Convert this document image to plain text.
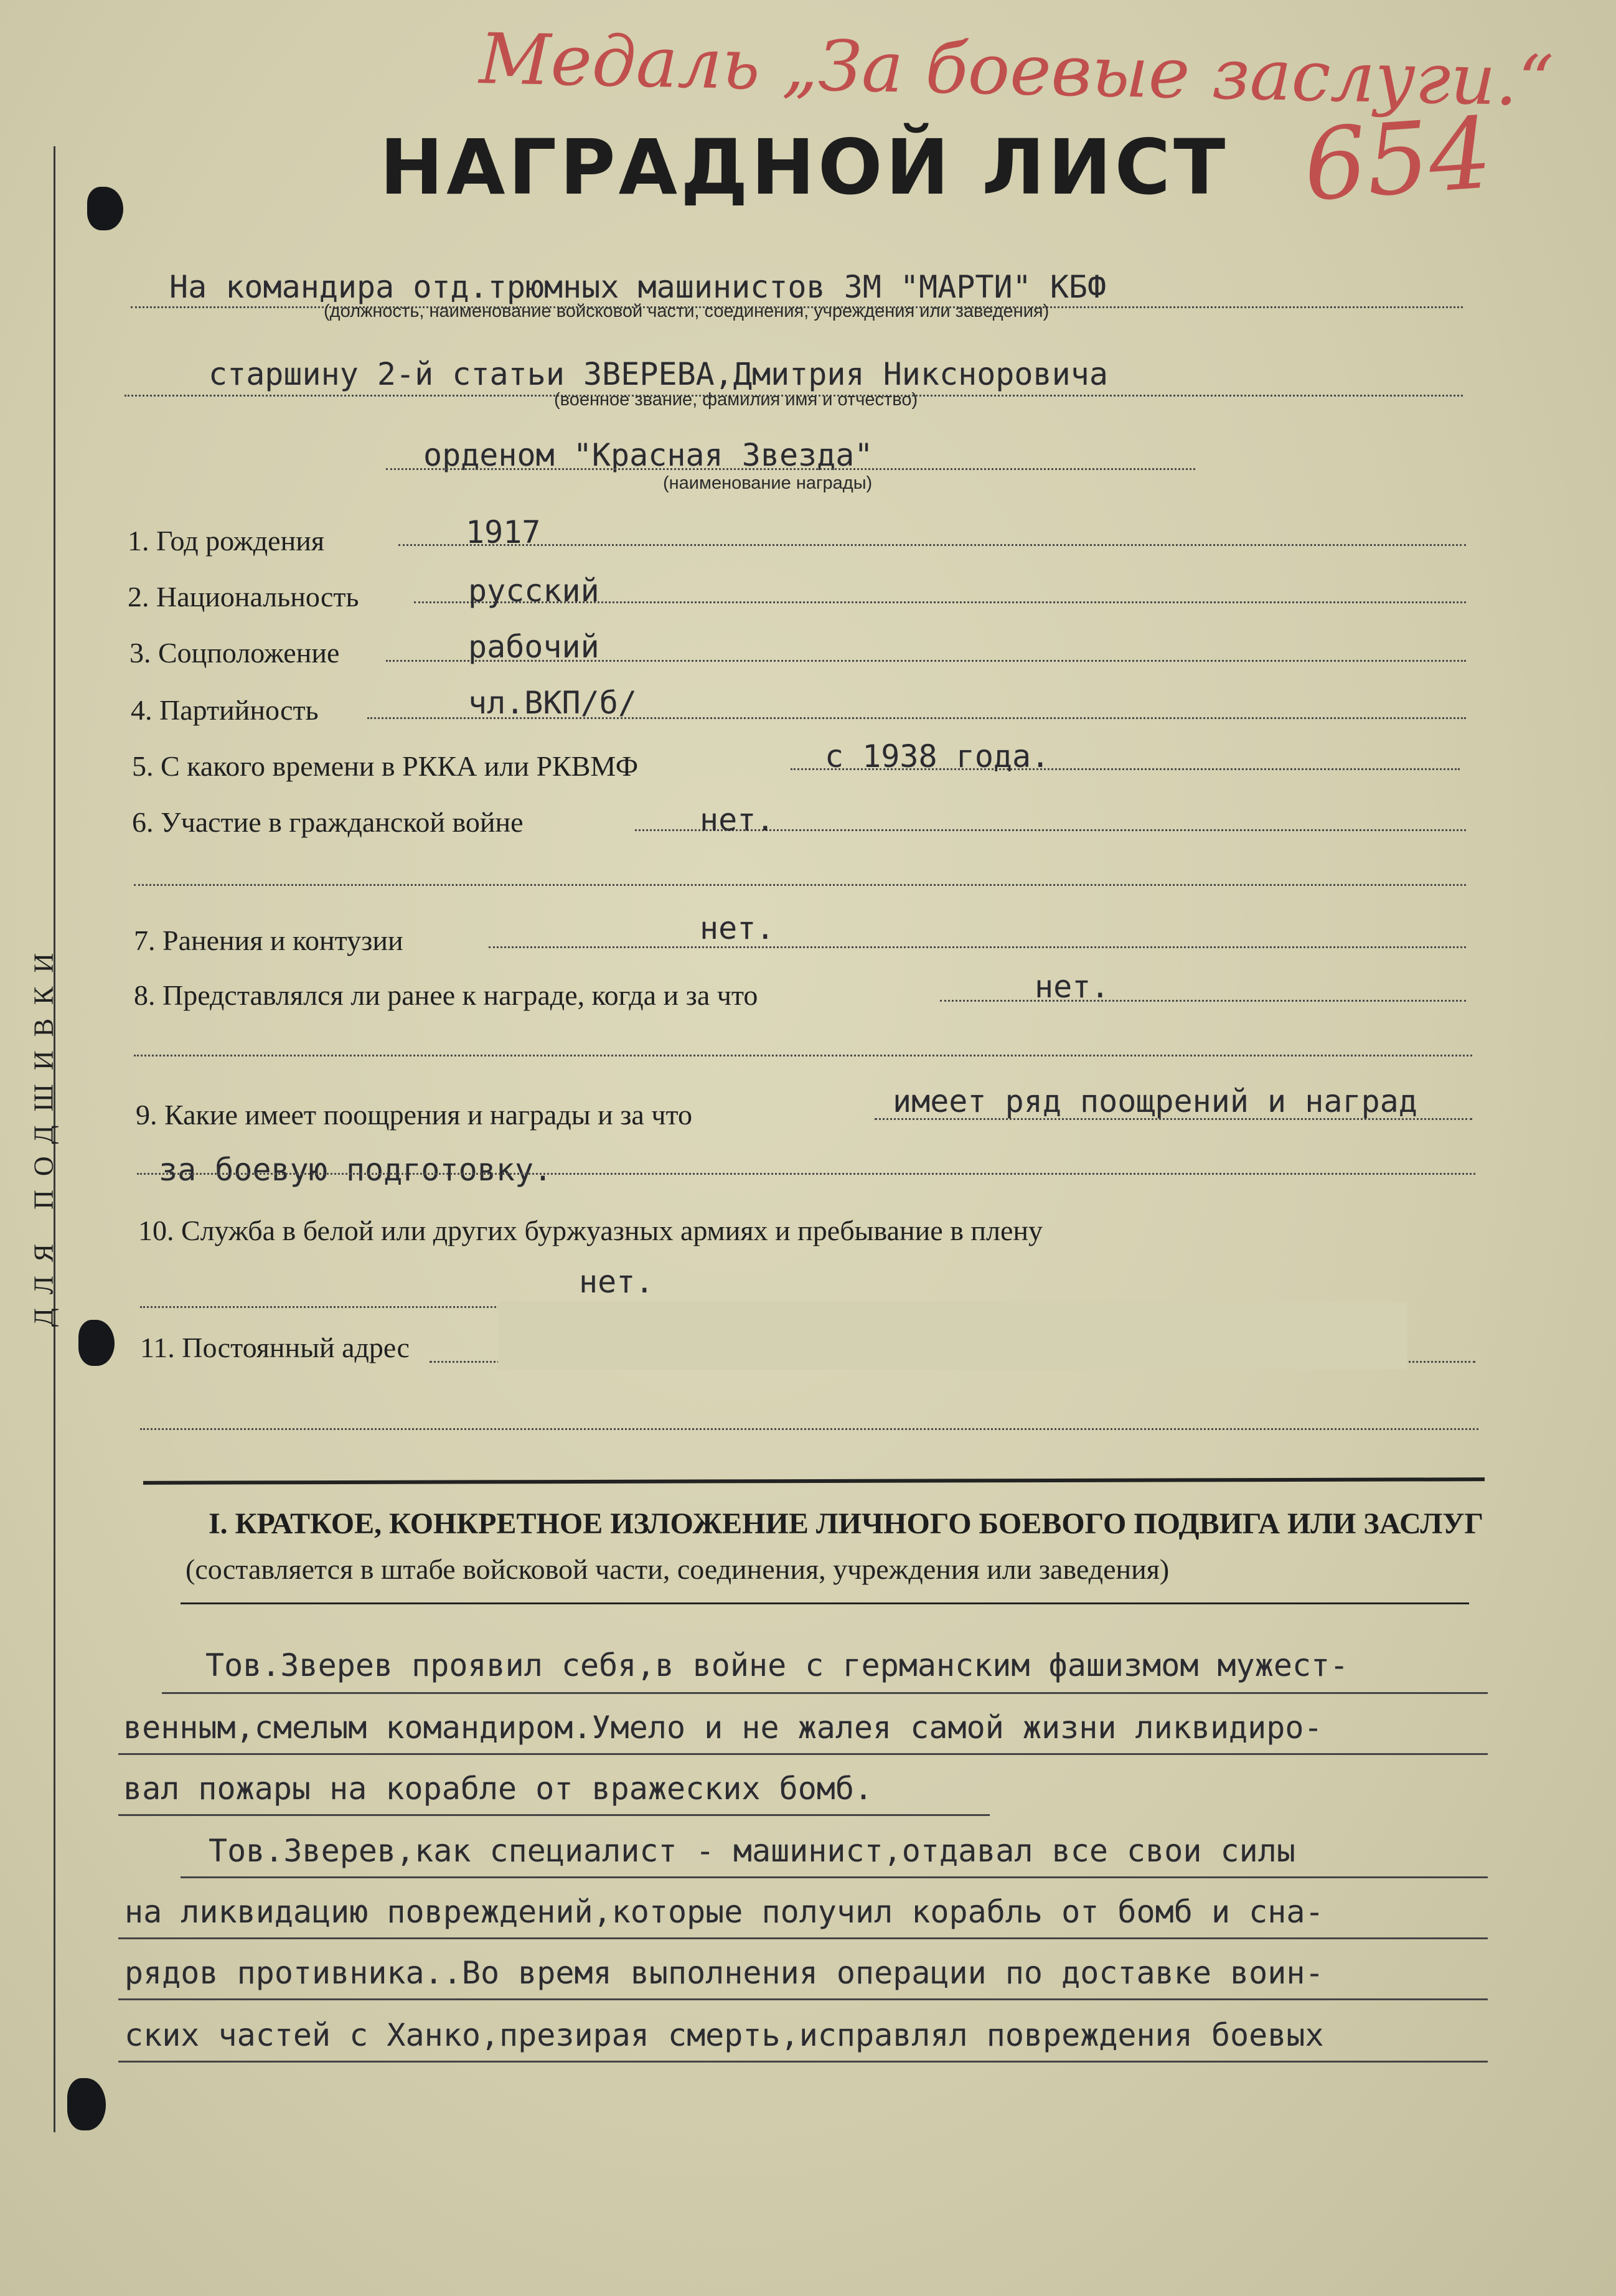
ДЛЯ ПОДШИВКИ
Медаль „За боевые заслуги.“
654
НАГРАДНОЙ ЛИСТ
На командира отд.трюмных машинистов ЗМ "МАРТИ" КБФ
(должность, наименование войсковой части, соединения, учреждения или заведения)
старшину 2-й статьи ЗВЕРЕВА,Дмитрия Никсноровича
(военное звание, фамилия имя и отчество)
орденом "Красная Звезда"
(наименование награды)
1. Год рождения	1917
2. Национальность	русский
3. Соцположение	рабочий
4. Партийность	чл.ВКП/б/
5. С какого времени в РККА или РКВМФ	с 1938 года.
6. Участие в гражданской войне	нет.
7. Ранения и контузии	нет.
8. Представлялся ли ранее к награде, когда и за что	нет.
9. Какие имеет поощрения и награды и за что	имеет ряд поощрений и наград
за боевую подготовку.
10. Служба в белой или других буржуазных армиях и пребывание в плену
нет.
11. Постоянный адрес
I. КРАТКОЕ, КОНКРЕТНОЕ ИЗЛОЖЕНИЕ ЛИЧНОГО БОЕВОГО ПОДВИГА ИЛИ ЗАСЛУГ
(составляется в штабе войсковой части, соединения, учреждения или заведения)
Тов.Зверев проявил себя,в войне с германским фашизмом мужест-
венным,смелым командиром.Умело и не жалея самой жизни ликвидиро-
вал пожары на корабле от вражеских бомб.
Тов.Зверев,как специалист - машинист,отдавал все свои силы
на ликвидацию повреждений,которые получил корабль от бомб и сна-
рядов противника..Во время выполнения операции по доставке воин-
ских частей с Ханко,презирая смерть,исправлял повреждения боевых
